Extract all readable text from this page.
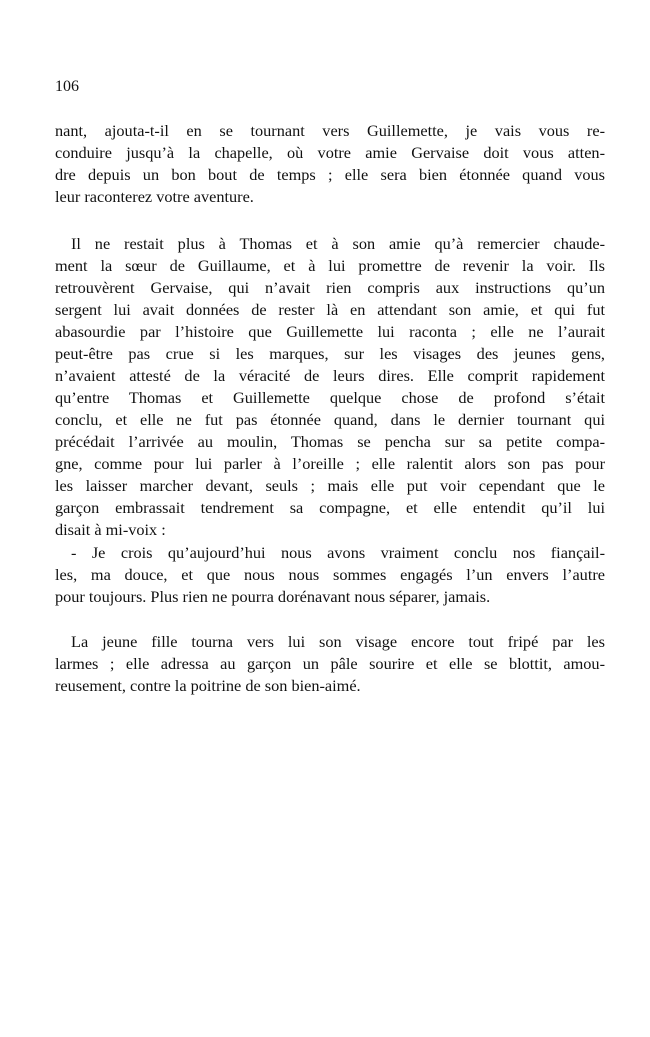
106
nant, ajouta-t-il en se tournant vers Guillemette, je vais vous re-
conduire jusqu’à la chapelle, où votre amie Gervaise doit vous atten-
dre depuis un bon bout de temps ; elle sera bien étonnée quand vous
leur raconterez votre aventure.
Il ne restait plus à Thomas et à son amie qu’à remercier chaude-
ment la sœur de Guillaume, et à lui promettre de revenir la voir. Ils
retrouvèrent Gervaise, qui n’avait rien compris aux instructions qu’un
sergent lui avait données de rester là en attendant son amie, et qui fut
abasourdie par l’histoire que Guillemette lui raconta ; elle ne l’aurait
peut-être pas crue si les marques, sur les visages des jeunes gens,
n’avaient attesté de la véracité de leurs dires. Elle comprit rapidement
qu’entre Thomas et Guillemette quelque chose de profond s’était
conclu, et elle ne fut pas étonnée quand, dans le dernier tournant qui
précédait l’arrivée au moulin, Thomas se pencha sur sa petite compa-
gne, comme pour lui parler à l’oreille ; elle ralentit alors son pas pour
les laisser marcher devant, seuls ; mais elle put voir cependant que le
garçon embrassait tendrement sa compagne, et elle entendit qu’il lui
disait à mi-voix :
- Je crois qu’aujourd’hui nous avons vraiment conclu nos fiançail-
les, ma douce, et que nous nous sommes engagés l’un envers l’autre
pour toujours. Plus rien ne pourra dorénavant nous séparer, jamais.
La jeune fille tourna vers lui son visage encore tout fripé par les
larmes ; elle adressa au garçon un pâle sourire et elle se blottit, amou-
reusement, contre la poitrine de son bien-aimé.
